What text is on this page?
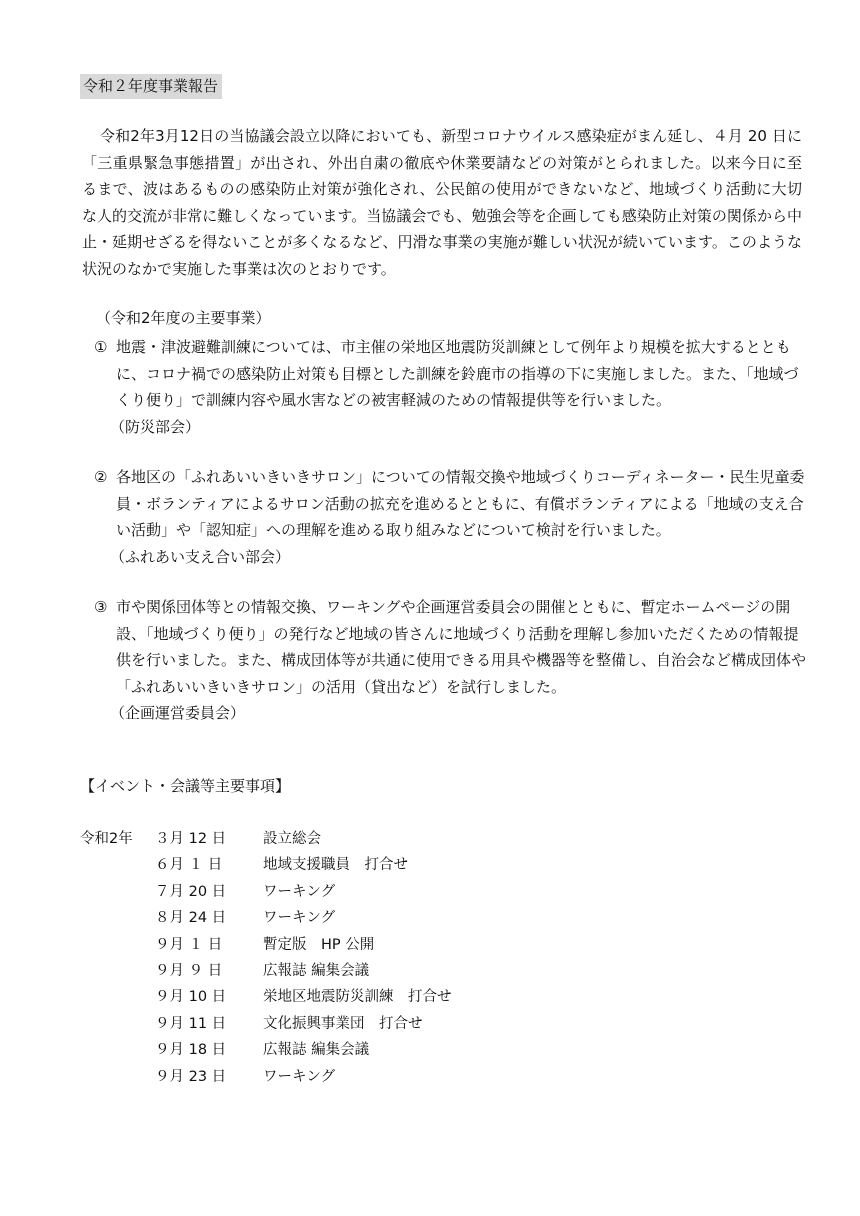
令和２年度事業報告

令和2年3月12日の当協議会設立以降においても、新型コロナウイルス感染症がまん延し、４月 20 日に「三重県緊急事態措置」が出され、外出自粛の徹底や休業要請などの対策がとられました。以来今日に至るまで、波はあるものの感染防止対策が強化され、公民館の使用ができないなど、地域づくり活動に大切な人的交流が非常に難しくなっています。当協議会でも、勉強会等を企画しても感染防止対策の関係から中止・延期せざるを得ないことが多くなるなど、円滑な事業の実施が難しい状況が続いています。このような状況のなかで実施した事業は次のとおりです。

（令和2年度の主要事業）

① 地震・津波避難訓練については、市主催の栄地区地震防災訓練として例年より規模を拡大するとともに、コロナ禍での感染防止対策も目標とした訓練を鈴鹿市の指導の下に実施しました。また、「地域づくり便り」で訓練内容や風水害などの被害軽減のための情報提供等を行いました。

（防災部会）

② 各地区の「ふれあいいきいきサロン」についての情報交換や地域づくりコーディネーター・民生児童委員・ボランティアによるサロン活動の拡充を進めるとともに、有償ボランティアによる「地域の支え合い活動」や「認知症」への理解を進める取り組みなどについて検討を行いました。

（ふれあい支え合い部会）

③ 市や関係団体等との情報交換、ワーキングや企画運営委員会の開催とともに、暫定ホームページの開設、「地域づくり便り」の発行など地域の皆さんに地域づくり活動を理解し参加いただくための情報提供を行いました。また、構成団体等が共通に使用できる用具や機器等を整備し、自治会など構成団体や「ふれあいいきいきサロン」の活用（貸出など）を試行しました。

（企画運営委員会）

【イベント・会議等主要事項】
令和2年	３月 12 日	設立総会
６月 １ 日	地域支援職員　打合せ
７月 20 日	ワーキング
８月 24 日	ワーキング
９月 １ 日	暫定版　HP 公開
９月 ９ 日	広報誌 編集会議
９月 10 日	栄地区地震防災訓練　打合せ
９月 11 日	文化振興事業団　打合せ
９月 18 日	広報誌 編集会議
９月 23 日	ワーキング
